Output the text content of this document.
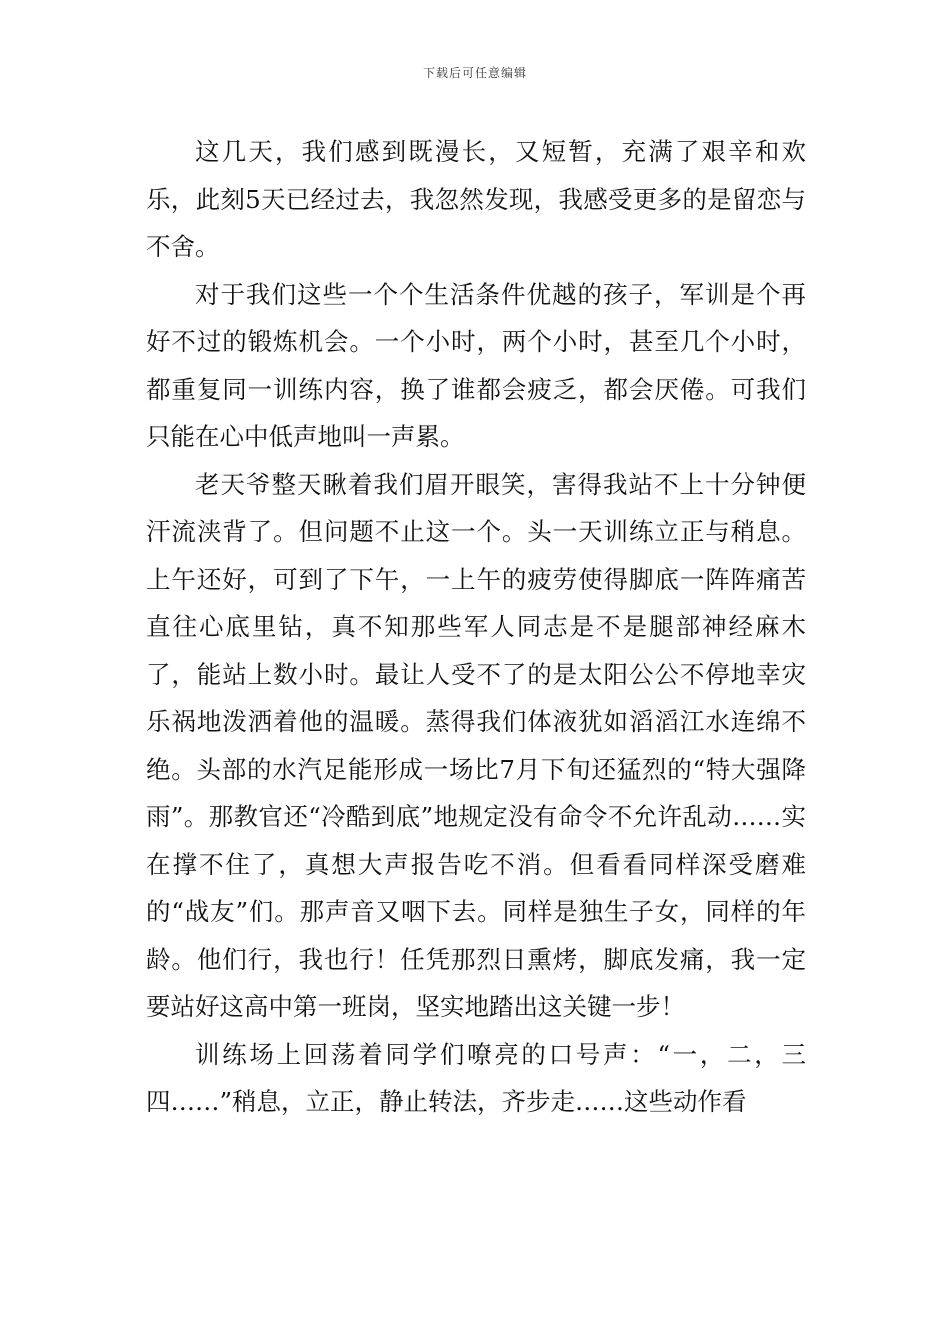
下载后可任意编辑

这几天，我们感到既漫长，又短暂，充满了艰辛和欢乐，此刻5天已经过去，我忽然发现，我感受更多的是留恋与不舍。

对于我们这些一个个生活条件优越的孩子，军训是个再好不过的锻炼机会。一个小时，两个小时，甚至几个小时，都重复同一训练内容，换了谁都会疲乏，都会厌倦。可我们只能在心中低声地叫一声累。

老天爷整天瞅着我们眉开眼笑，害得我站不上十分钟便汗流浃背了。但问题不止这一个。头一天训练立正与稍息。上午还好，可到了下午，一上午的疲劳使得脚底一阵阵痛苦直往心底里钻，真不知那些军人同志是不是腿部神经麻木了，能站上数小时。最让人受不了的是太阳公公不停地幸灾乐祸地泼洒着他的温暖。蒸得我们体液犹如滔滔江水连绵不绝。头部的水汽足能形成一场比7月下旬还猛烈的“特大强降雨”。那教官还“冷酷到底”地规定没有命令不允许乱动……实在撑不住了，真想大声报告吃不消。但看看同样深受磨难的“战友”们。那声音又咽下去。同样是独生子女，同样的年龄。他们行，我也行！任凭那烈日熏烤，脚底发痛，我一定要站好这高中第一班岗，坚实地踏出这关键一步！

训练场上回荡着同学们嘹亮的口号声：“一，二，三四……”稍息，立正，静止转法，齐步走……这些动作看
